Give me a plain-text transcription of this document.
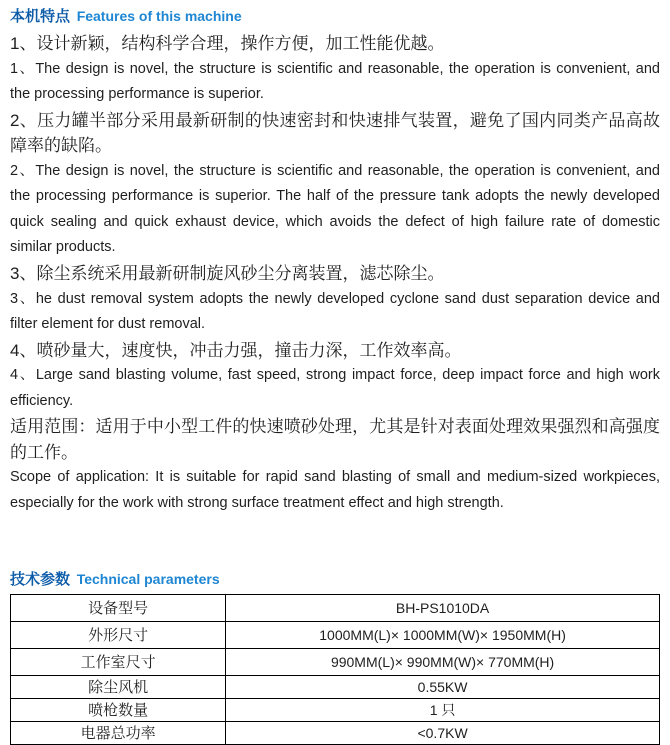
本机特点 Features of this machine

1、设计新颖，结构科学合理，操作方便，加工性能优越。

1、The design is novel, the structure is scientific and reasonable, the operation is convenient, and the processing performance is superior.

2、压力罐半部分采用最新研制的快速密封和快速排气装置，避免了国内同类产品高故障率的缺陷。

2、The design is novel, the structure is scientific and reasonable, the operation is convenient, and the processing performance is superior. The half of the pressure tank adopts the newly developed quick sealing and quick exhaust device, which avoids the defect of high failure rate of domestic similar products.

3、除尘系统采用最新研制旋风砂尘分离装置，滤芯除尘。

3、he dust removal system adopts the newly developed cyclone sand dust separation device and filter element for dust removal.

4、喷砂量大，速度快，冲击力强，撞击力深，工作效率高。

4、Large sand blasting volume, fast speed, strong impact force, deep impact force and high work efficiency.

适用范围：适用于中小型工件的快速喷砂处理，尤其是针对表面处理效果强烈和高强度的工作。

Scope of application: It is suitable for rapid sand blasting of small and medium-sized workpieces, especially for the work with strong surface treatment effect and high strength.

技术参数 Technical parameters
设备型号	BH-PS1010DA
外形尺寸	1000MM(L)× 1000MM(W)× 1950MM(H)
工作室尺寸	990MM(L)× 990MM(W)× 770MM(H)
除尘风机	0.55KW
喷枪数量	1 只
电器总功率	<0.7KW
